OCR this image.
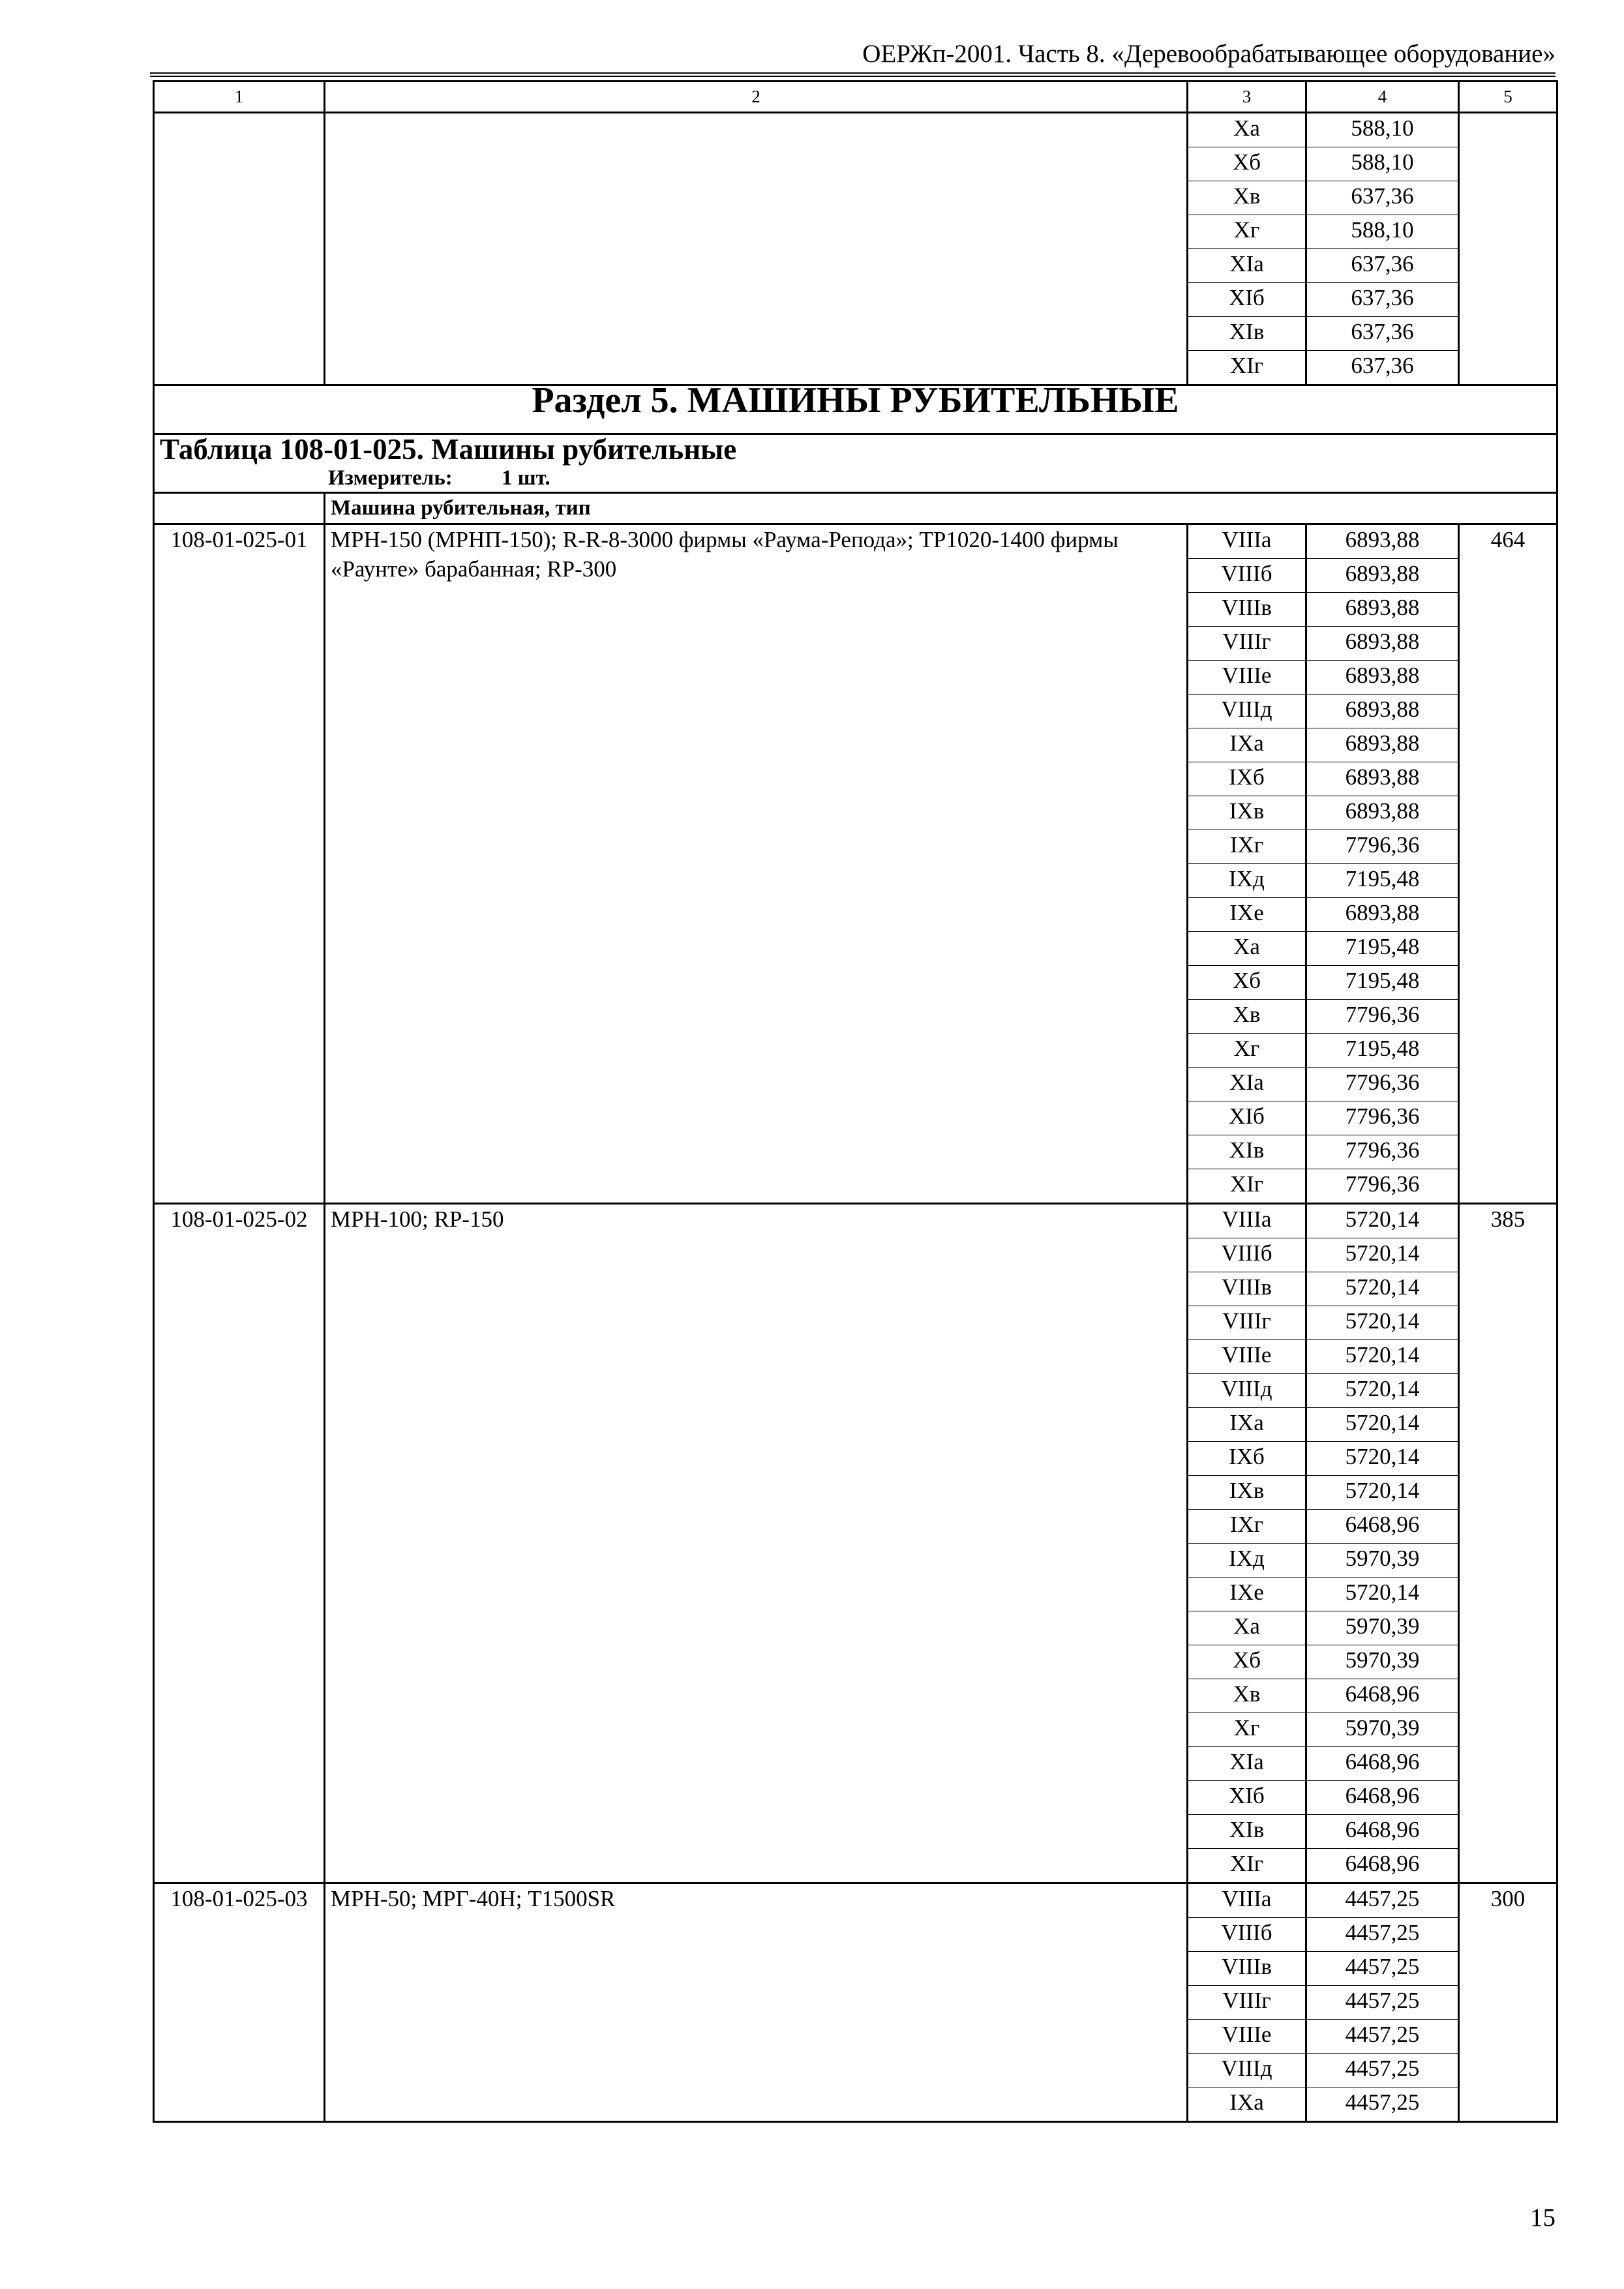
ОЕРЖп-2001. Часть 8. «Деревообрабатывающее оборудование»
1	2	3	4	5
		Ха	588,10	
		Хб	588,10	
		Хв	637,36	
		Хг	588,10	
		ХIа	637,36	
		ХIб	637,36	
		ХIв	637,36	
		ХIг	637,36	
Раздел 5. МАШИНЫ РУБИТЕЛЬНЫЕ				

Таблица 108-01-025. Машины рубительные
Измеритель: 1 шт.				

	Машина рубительная, тип			
108-01-025-01	МРН-150 (МРНП-150); R-R-8-3000 фирмы «Раума-Репода»; ТР1020-1400 фирмы «Раунте» барабанная; RP-300	VIIIа	6893,88	464
		VIIIб	6893,88	
		VIIIв	6893,88	
		VIIIг	6893,88	
		VIIIе	6893,88	
		VIIIд	6893,88	
		IХа	6893,88	
		IХб	6893,88	
		IХв	6893,88	
		IХг	7796,36	
		IХд	7195,48	
		IХе	6893,88	
		Ха	7195,48	
		Хб	7195,48	
		Хв	7796,36	
		Хг	7195,48	
		ХIа	7796,36	
		ХIб	7796,36	
		ХIв	7796,36	
		ХIг	7796,36	
108-01-025-02	МРН-100; RP-150	VIIIа	5720,14	385
		VIIIб	5720,14	
		VIIIв	5720,14	
		VIIIг	5720,14	
		VIIIе	5720,14	
		VIIIд	5720,14	
		IХа	5720,14	
		IХб	5720,14	
		IХв	5720,14	
		IХг	6468,96	
		IХд	5970,39	
		IХе	5720,14	
		Ха	5970,39	
		Хб	5970,39	
		Хв	6468,96	
		Хг	5970,39	
		ХIа	6468,96	
		ХIб	6468,96	
		ХIв	6468,96	
		ХIг	6468,96	
108-01-025-03	МРН-50; МРГ-40Н; Т1500SR	VIIIа	4457,25	300
		VIIIб	4457,25	
		VIIIв	4457,25	
		VIIIг	4457,25	
		VIIIе	4457,25	
		VIIIд	4457,25	
		IХа	4457,25	
15
